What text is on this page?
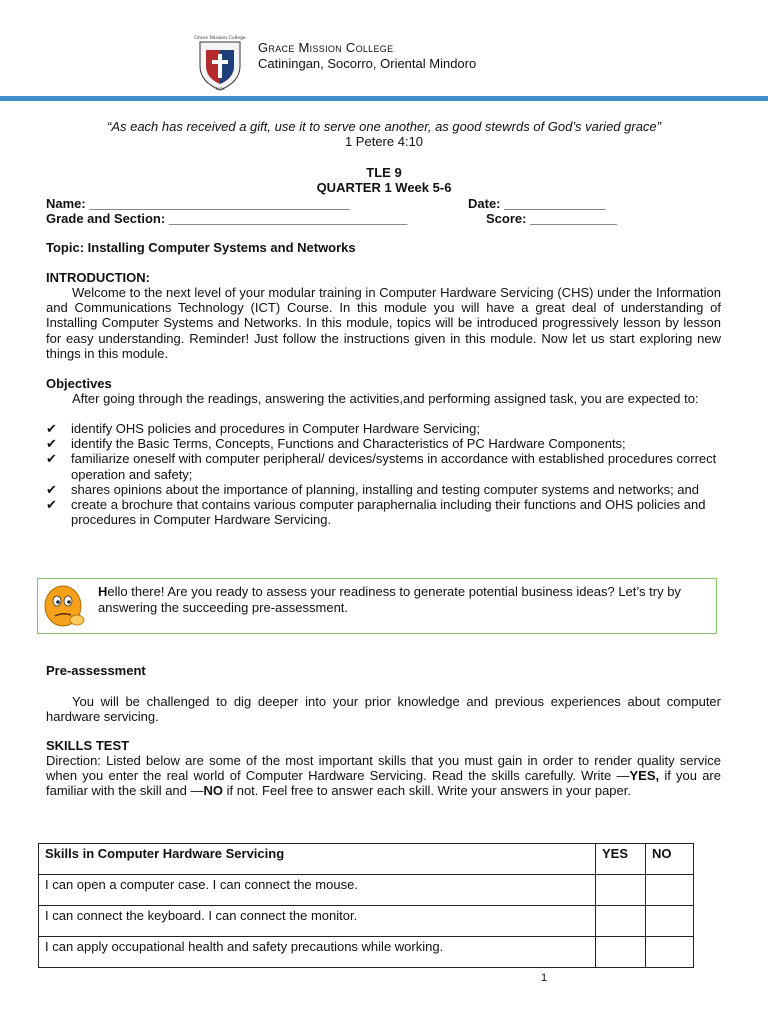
Grace Mission College
1976
Grace Mission College
Catiningan, Socorro, Oriental Mindoro
“As each has received a gift, use it to serve one another, as good stewrds of God’s varied grace”
1 Petere 4:10
TLE 9
QUARTER 1 Week 5-6
Name: ____________________________________	Date: ______________
Grade and Section: _________________________________	Score: ____________
Topic: Installing Computer Systems and Networks
INTRODUCTION:
Welcome to the next level of your modular training in Computer Hardware Servicing (CHS) under the Information and Communications Technology (ICT) Course. In this module you will have a great deal of understanding of Installing Computer Systems and Networks. In this module, topics will be introduced progressively lesson by lesson for easy understanding. Reminder! Just follow the instructions given in this module. Now let us start exploring new things in this module.
Objectives
After going through the readings, answering the activities,and performing assigned task, you are expected to:
✔ identify OHS policies and procedures in Computer Hardware Servicing;
✔ identify the Basic Terms, Concepts, Functions and Characteristics of PC Hardware Components;
✔ familiarize oneself with computer peripheral/ devices/systems in accordance with established procedures correct operation and safety;
✔ shares opinions about the importance of planning, installing and testing computer systems and networks; and
✔ create a brochure that contains various computer paraphernalia including their functions and OHS policies and procedures in Computer Hardware Servicing.
Hello there! Are you ready to assess your readiness to generate potential business ideas? Let’s try by answering the succeeding pre-assessment.
Pre-assessment
You will be challenged to dig deeper into your prior knowledge and previous experiences about computer hardware servicing.
SKILLS TEST
Direction: Listed below are some of the most important skills that you must gain in order to render quality service when you enter the real world of Computer Hardware Servicing. Read the skills carefully. Write —YES, if you are familiar with the skill and —NO if not. Feel free to answer each skill. Write your answers in your paper.
Skills in Computer Hardware Servicing	YES	NO
I can open a computer case. I can connect the mouse.		
I can connect the keyboard. I can connect the monitor.		
I can apply occupational health and safety precautions while working.		
1
